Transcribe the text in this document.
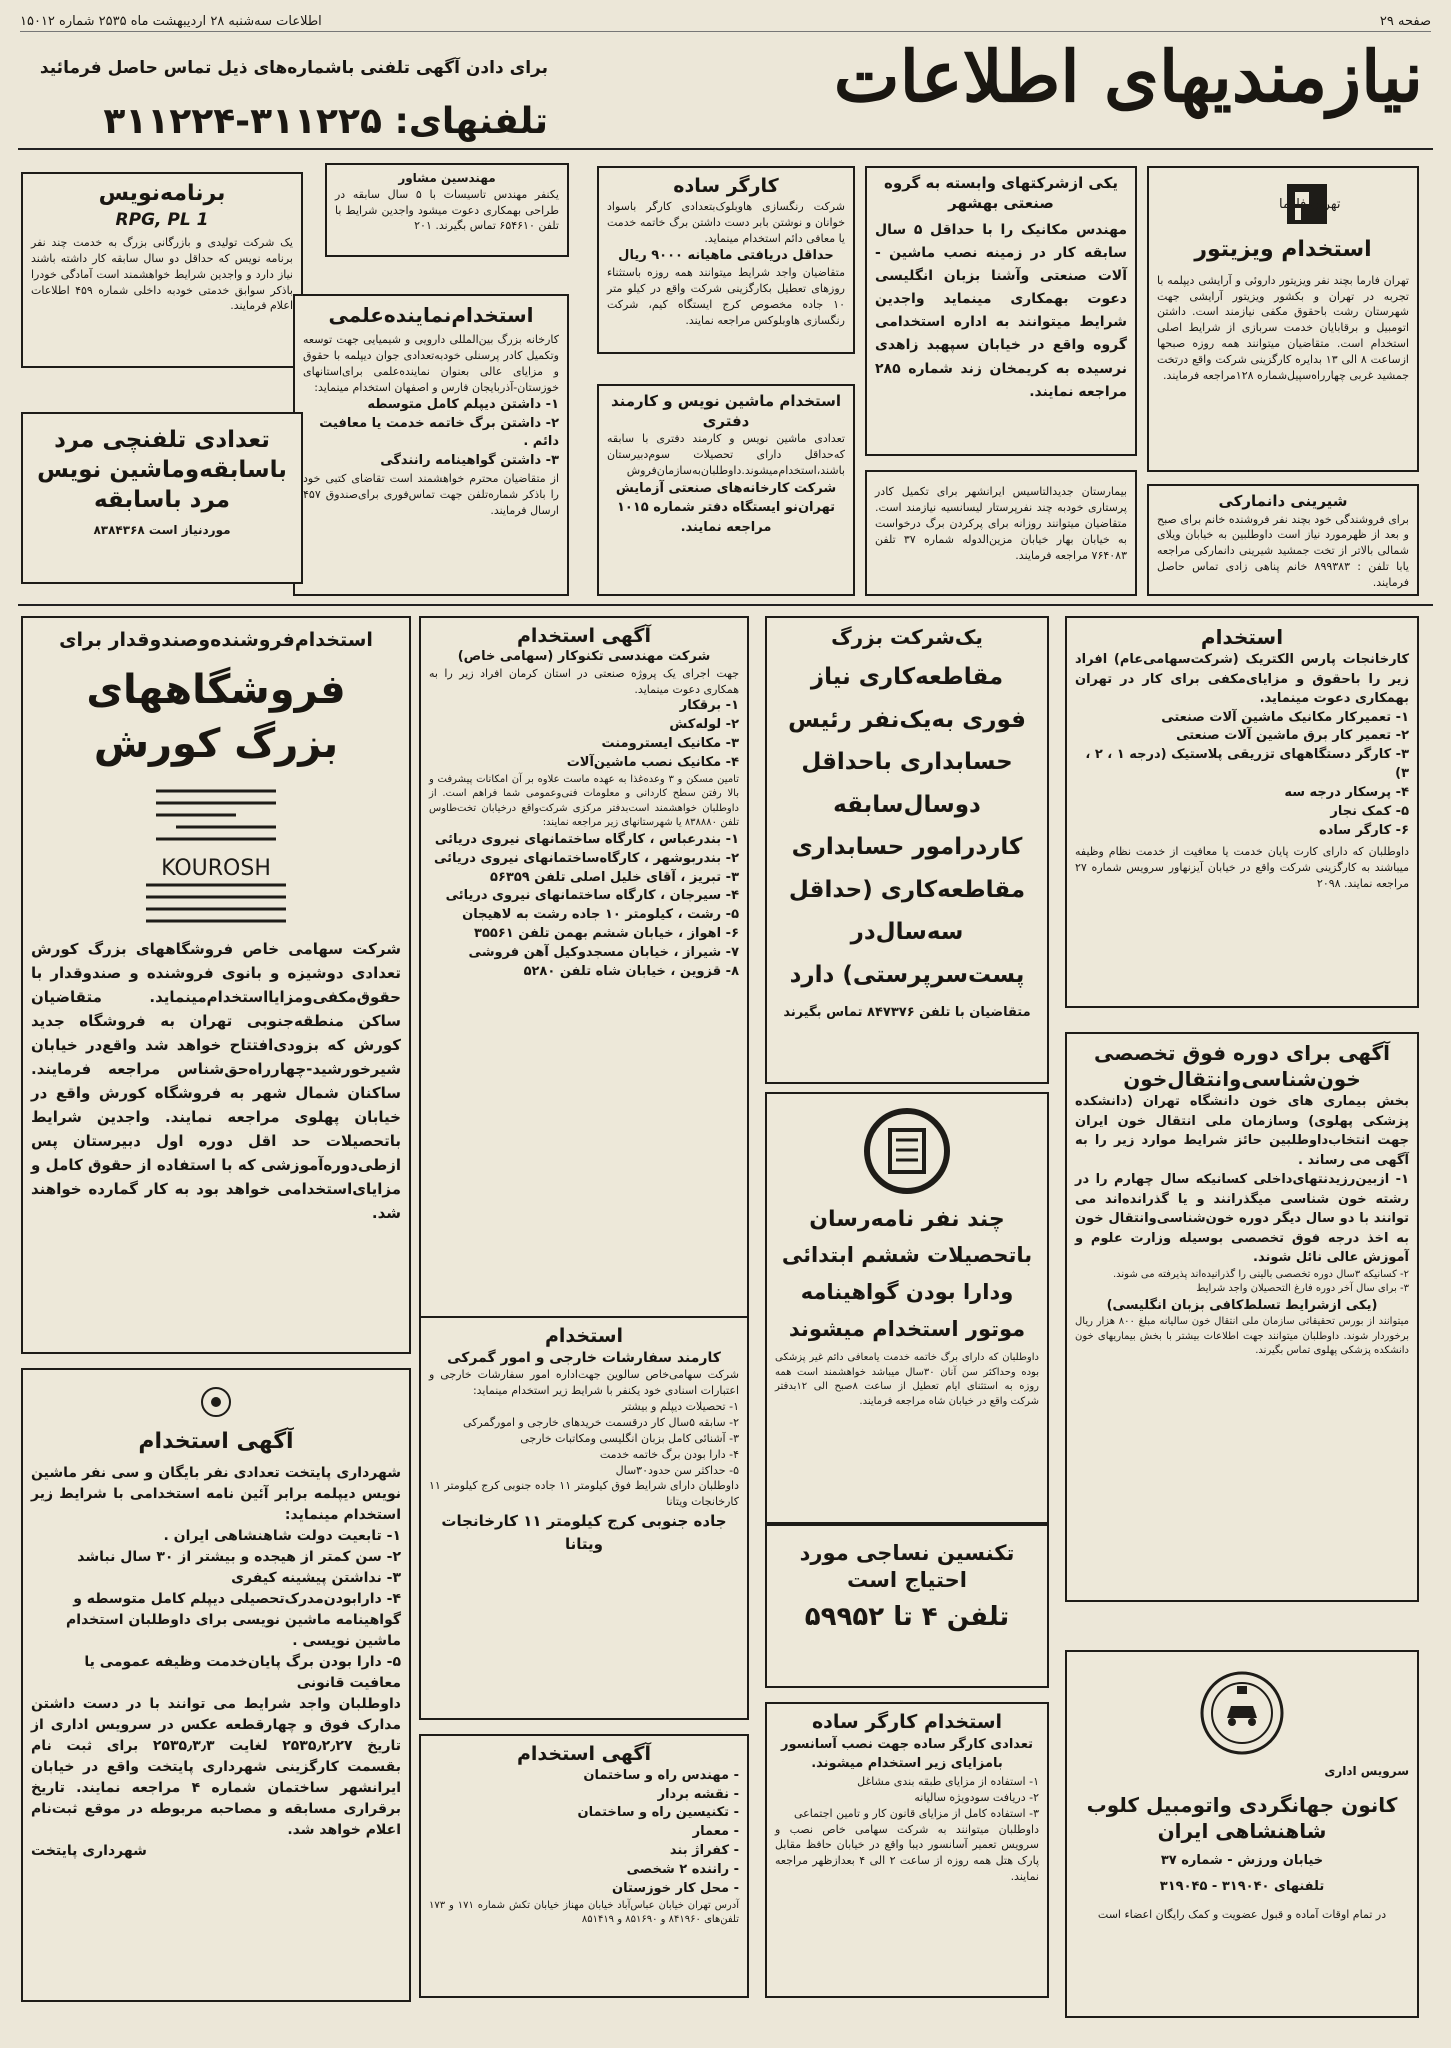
صفحه ۲۹
اطلاعات سه‌شنبه ۲۸ اردیبهشت ماه ۲۵۳۵ شماره ۱۵۰۱۲
نیازمندیهای اطلاعات
برای دادن آگهی تلفنی باشماره‌های ذیل تماس حاصل فرمائید
تلفنهای: ۳۱۱۲۲۵-۳۱۱۲۲۴
تهران فارما
استخدام ویزیتور
تهران فارما بچند نفر ویزیتور داروئی و آرایشی دیپلمه با تجربه در تهران و بکشور ویزیتور آرایشی جهت شهرستان رشت باحقوق مکفی نیازمند است. داشتن اتومبیل و برقابایان خدمت سربازی از شرایط اصلی استخدام است. متقاضیان میتوانند همه روزه صبحها ازساعت ۸ الی ۱۳ بدایره کارگزینی شرکت واقع درتخت جمشید غربی چهارراه‌سپیل‌شماره ۱۲۸مراجعه فرمایند.
یکی ازشرکتهای وابسته به گروه صنعتی بهشهر
مهندس مکانیک را با حداقل ۵ سال سابقه کار در زمینه نصب ماشین - آلات صنعتی وآشنا بزبان انگلیسی دعوت بهمکاری مینماید واجدین شرایط میتوانند به اداره استخدامی گروه واقع در خیابان سپهبد زاهدی نرسیده به کریمخان زند شماره ۲۸۵ مراجعه نمایند.
کارگر ساده
شرکت رنگسازی هاوبلوک‌بتعدادی کارگر باسواد خوانان و نوشتن بابر دست داشتن برگ خاتمه خدمت یا معافی دائم استخدام مینماید.
حداقل دریافتی ماهیانه ۹۰۰۰ ریال
متقاضیان واجد شرایط میتوانند همه روزه باستثناء روزهای تعطیل بکارگزینی شرکت واقع در کیلو متر ۱۰ جاده مخصوص کرج ایستگاه کیم، شرکت رنگسازی هاوبلوکس مراجعه نمایند.
مهندسین مشاور
یکنفر مهندس تاسیسات با ۵ سال سابقه در طراحی بهمکاری دعوت میشود واجدین شرایط با تلفن ۶۵۴۶۱۰ تماس بگیرند. ۲۰۱
برنامه‌نویس
RPG, PL 1
یک شرکت تولیدی و بازرگانی بزرگ به خدمت چند نفر برنامه نویس که حداقل دو سال سابقه کار داشته باشند نیاز دارد و واجدین شرایط خواهشمند است آمادگی خودرا باذکر سوابق خدمتی خودبه داخلی شماره ۴۵۹ اطلاعات اعلام فرمایند.	استخدام‌نماینده‌علمی
کارخانه بزرگ بین‌المللی دارویی و شیمیایی جهت توسعه وتکمیل کادر پرسنلی خودبه‌تعدادی جوان دیپلمه با حقوق و مزایای عالی بعنوان نماینده‌علمی برای‌استانهای خوزستان-آذربایجان فارس و اصفهان استخدام مینماید:
۱- داشتن دیپلم کامل متوسطه
۲- داشتن برگ خاتمه خدمت یا معافیت دائم .
۳- داشتن گواهینامه رانندگی
از متقاضیان محترم خواهشمند است تقاضای کتبی خود را باذکر شماره‌تلفن جهت تماس‌فوری برای‌صندوق ۴۵۷ ارسال فرمایند.
استخدام ماشین نویس و کارمند دفتری
تعدادی ماشین نویس و کارمند دفتری با سابقه که‌حداقل دارای تحصیلات سوم‌دبیرستان باشند،استخدام‌میشوند.داوطلبان‌به‌سازمان‌فروش
شرکت کارخانه‌های صنعتی آزمایش تهران‌نو ایستگاه دفتر شماره ۱۰۱۵ مراجعه نمایند.
تعدادی تلفنچی مرد
باسابقه‌وماشین نویس
مرد باسابقه
موردنیاز است ۸۳۸۴۳۶۸
بیمارستان جدیدالتاسیس ایرانشهر برای تکمیل کادر پرستاری خودبه چند نفرپرستار لیسانسیه نیازمند است. متقاضیان میتوانند روزانه برای پرکردن برگ درخواست به خیابان بهار خیابان مزین‌الدوله شماره ۳۷ تلفن ۷۶۴۰۸۳ مراجعه فرمایند.
شیرینی دانمارکی
برای فروشندگی خود بچند نفر فروشنده خانم برای صبح و بعد از ظهرمورد نیاز است داوطلبین به خیابان ویلای شمالی بالاتر از تخت جمشید شیرینی دانمارکی مراجعه یابا تلفن : ۸۹۹۳۸۳ خانم پناهی زادی تماس حاصل فرمایند.
استخدام‌فروشنده‌وصندوقدار برای
فروشگاههای بزرگ کورش
KOUROSH
شرکت سهامی خاص فروشگاههای بزرگ کورش تعدادی دوشیزه و بانوی فروشنده و صندوقدار با حقوق‌مکفی‌ومزایااستخدام‌مینماید. متقاضیان ساکن منطقه‌جنوبی تهران به فروشگاه جدید کورش که بزودی‌افتتاح خواهد شد واقع‌در خیابان شیرخورشید-چهارراه‌حق‌شناس مراجعه فرمایند. ساکنان شمال شهر به فروشگاه کورش واقع در خیابان پهلوی مراجعه نمایند. واجدین شرایط باتحصیلات حد اقل دوره اول دبیرستان پس ازطی‌دوره‌آموزشی که با استفاده از حقوق کامل و مزایای‌استخدامی خواهد بود به کار گمارده خواهند شد.
آگهی استخدام
شرکت مهندسی تکنوکار (سهامی خاص)
جهت اجرای یک پروژه صنعتی در استان کرمان افراد زیر را به همکاری دعوت مینماید.
۱- برقکار
۲- لوله‌کش
۳- مکانیک ایسترومنت
۴- مکانیک نصب ماشین‌آلات
تامین مسکن و ۳ وعده‌غذا به عهده ماست علاوه بر آن امکانات پیشرفت و بالا رفتن سطح کاردانی و معلومات فنی‌وعمومی شما فراهم است. از داوطلبان خواهشمند است‌بدفتر مرکزی شرکت‌واقع درخیابان تخت‌طاوس تلفن ۸۳۸۸۸۰ یا شهرستانهای زیر مراجعه نمایند:
۱- بندرعباس ، کارگاه ساختمانهای نیروی دریائی
۲- بندربوشهر ، کارگاه‌ساختمانهای نیروی دریائی
۳- تبریز ، آقای خلیل اصلی تلفن ۵۶۳۵۹
۴- سیرجان ، کارگاه ساختمانهای نیروی دریائی
۵- رشت ، کیلومتر ۱۰ جاده رشت به لاهیجان
۶- اهواز ، خیابان ششم بهمن تلفن ۳۵۵۶۱
۷- شیراز ، خیابان مسجدوکیل آهن فروشی
۸- قزوین ، خیابان شاه تلفن ۵۲۸۰
یک‌شرکت بزرگ
مقاطعه‌کاری نیاز فوری به‌یک‌نفر رئیس حسابداری باحداقل دوسال‌سابقه کاردرامور حسابداری مقاطعه‌کاری (حداقل سه‌سال‌در پست‌سرپرستی) دارد
متقاضیان با تلفن ۸۴۷۳۷۶ تماس بگیرند
استخدام
کارخانجات پارس الکتریک (شرکت‌سهامی‌عام) افراد زیر را باحقوق و مزایای‌مکفی برای کار در تهران بهمکاری دعوت مینماید.
۱- تعمیرکار مکانیک ماشین آلات صنعتی
۲- تعمیر کار برق ماشین آلات صنعتی
۳- کارگر دستگاههای تزریقی پلاستیک (درجه ۱ ، ۲ ، ۳)
۴- پرسکار درجه سه
۵- کمک نجار
۶- کارگر ساده
داوطلبان که دارای کارت پایان خدمت یا معافیت از خدمت نظام وظیفه میباشند به کارگزینی شرکت واقع در خیابان آیزنهاور سرویس شماره ۲۷ مراجعه نمایند. ۲۰۹۸
آگهی برای دوره فوق تخصصی
خون‌شناسی‌وانتقال‌خون
بخش بیماری های خون دانشگاه تهران (دانشکده پزشکی پهلوی) وسازمان ملی انتقال خون ایران جهت انتخاب‌داوطلبین حائز شرایط موارد زیر را به آگهی می رساند .
۱- ازبین‌رزیدنتهای‌داخلی کسانیکه سال چهارم را در رشته خون شناسی میگذرانند و یا گذرانده‌اند می توانند با دو سال دیگر دوره خون‌شناسی‌وانتقال خون به اخذ درجه فوق تخصصی بوسیله وزارت علوم و آموزش عالی نائل شوند.
۲- کسانیکه ۳سال دوره تخصصی بالینی را گذرانیده‌اند پذیرفته می شوند.
۳- برای سال آخر دوره فارغ التحصیلان واجد شرایط
(یکی ازشرایط تسلط‌کافی بزبان انگلیسی)
میتوانند از بورس تحقیقاتی سازمان ملی انتقال خون سالیانه مبلغ ۸۰۰ هزار ریال برخوردار شوند. داوطلبان میتوانند جهت اطلاعات بیشتر با بخش بیماریهای خون دانشکده پزشکی پهلوی تماس بگیرند.
چند نفر نامه‌رسان
باتحصیلات ششم ابتدائی ودارا بودن گواهینامه موتور استخدام میشوند
داوطلبان که دارای برگ خاتمه خدمت یامعافی دائم غیر پزشکی بوده وحداکثر سن آنان ۳۰سال میباشد خواهشمند است همه روزه به استثنای ایام تعطیل از ساعت ۸صبح الی ۱۲بدفتر شرکت واقع در خیابان شاه مراجعه فرمایند.
استخدام
کارمند سفارشات خارجی و امور گمرکی
شرکت سهامی‌خاص سالوین جهت‌اداره امور سفارشات خارجی و اعتبارات اسنادی خود یکنفر با شرایط زیر استخدام مینماید:
۱- تحصیلات دیپلم و بیشتر
۲- سابقه ۵سال کار درقسمت خریدهای خارجی و امورگمرکی
۳- آشنائی کامل بزبان انگلیسی ومکاتبات خارجی
۴- دارا بودن برگ خاتمه خدمت
۵- حداکثر سن حدود۳۰سال
داوطلبان دارای شرایط فوق کیلومتر ۱۱ جاده جنوبی کرج کیلومتر ۱۱ کارخانجات ویتانا
جاده جنوبی کرج کیلومتر ۱۱ کارخانجات ویتانا
آگهی استخدام
شهرداری پایتخت تعدادی نفر بایگان و سی نفر ماشین نویس دیپلمه برابر آئین نامه استخدامی با شرایط زیر استخدام مینماید:
۱- تابعیت دولت شاهنشاهی ایران .
۲- سن کمتر از هیجده و بیشتر از ۳۰ سال نباشد
۳- نداشتن پیشینه کیفری
۴- دارابودن‌مدرک‌تحصیلی دیپلم کامل متوسطه و گواهینامه ماشین نویسی برای داوطلبان استخدام ماشین نویسی .
۵- دارا بودن برگ پایان‌خدمت وظیفه عمومی یا معافیت قانونی
داوطلبان واجد شرایط می توانند با در دست داشتن مدارک فوق و چهارقطعه عکس در سرویس اداری از تاریخ ۲۵۳۵٫۲٫۲۷ لغایت ۲۵۳۵٫۳٫۳ برای ثبت نام بقسمت کارگزینی شهرداری پایتخت واقع در خیابان ایرانشهر ساختمان شماره ۴ مراجعه نمایند. تاریخ برقراری مسابقه و مصاحبه مربوطه در موقع ثبت‌نام اعلام خواهد شد.
شهرداری پایتخت
تکنسین نساجی مورد
احتیاج است
تلفن ۴ تا ۵۹۹۵۲
سرویس اداری
کانون جهانگردی واتومبیل کلوب شاهنشاهی ایران
خیابان ورزش - شماره ۳۷
تلفنهای ۳۱۹۰۴۰ - ۳۱۹۰۴۵
در تمام اوقات آماده و قبول عضویت و کمک رایگان اعضاء است
آگهی استخدام
- مهندس راه و ساختمان
- نقشه بردار
- تکنیسین راه و ساختمان
- معمار
- کفراژ بند
- راننده ۲ شخصی
- محل کار خوزستان
آدرس تهران خیابان عباس‌آباد خیابان مهناز خیابان تکش شماره ۱۷۱ و ۱۷۳ تلفن‌های ۸۴۱۹۶۰ و ۸۵۱۶۹۰ و ۸۵۱۴۱۹
استخدام کارگر ساده
تعدادی کارگر ساده جهت نصب آسانسور بامزایای زیر استخدام میشوند.
۱- استفاده از مزایای طبقه بندی مشاغل
۲- دریافت سودویژه سالیانه
۳- استفاده کامل از مزایای قانون کار و تامین اجتماعی
داوطلبان میتوانند به شرکت سهامی خاص نصب و سرویس تعمیر آسانسور دیبا واقع در خیابان حافظ مقابل پارک هتل همه روزه از ساعت ۲ الی ۴ بعدازظهر مراجعه نمایند.
